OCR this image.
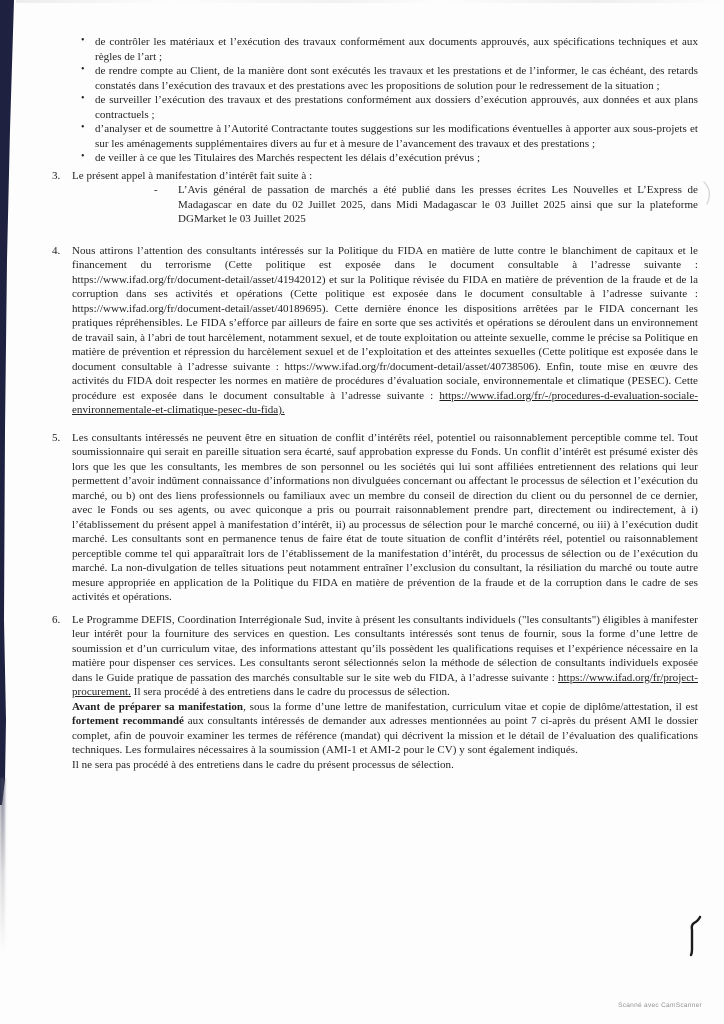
• de contrôler les matériaux et l’exécution des travaux conformément aux documents approuvés, aux spécifications techniques et aux règles de l’art ;
• de rendre compte au Client, de la manière dont sont exécutés les travaux et les prestations et de l’informer, le cas échéant, des retards constatés dans l’exécution des travaux et des prestations avec les propositions de solution pour le redressement de la situation ;
• de surveiller l’exécution des travaux et des prestations conformément aux dossiers d’exécution approuvés, aux données et aux plans contractuels ;
• d’analyser et de soumettre à l’Autorité Contractante toutes suggestions sur les modifications éventuelles à apporter aux sous-projets et sur les aménagements supplémentaires divers au fur et à mesure de l’avancement des travaux et des prestations ;
• de veiller à ce que les Titulaires des Marchés respectent les délais d’exécution prévus ;
3. Le présent appel à manifestation d’intérêt fait suite à :
- L’Avis général de passation de marchés a été publié dans les presses écrites Les Nouvelles et L’Express de Madagascar en date du 02 Juillet 2025, dans Midi Madagascar le 03 Juillet 2025 ainsi que sur la plateforme DGMarket le 03 Juillet 2025
4. Nous attirons l’attention des consultants intéressés sur la Politique du FIDA en matière de lutte contre le blanchiment de capitaux et le financement du terrorisme (Cette politique est exposée dans le document consultable à l’adresse suivante : https://www.ifad.org/fr/document-detail/asset/41942012) et sur la Politique révisée du FIDA en matière de prévention de la fraude et de la corruption dans ses activités et opérations (Cette politique est exposée dans le document consultable à l’adresse suivante : https://www.ifad.org/fr/document-detail/asset/40189695). Cette dernière énonce les dispositions arrêtées par le FIDA concernant les pratiques répréhensibles. Le FIDA s’efforce par ailleurs de faire en sorte que ses activités et opérations se déroulent dans un environnement de travail sain, à l’abri de tout harcèlement, notamment sexuel, et de toute exploitation ou atteinte sexuelle, comme le précise sa Politique en matière de prévention et répression du harcèlement sexuel et de l’exploitation et des atteintes sexuelles (Cette politique est exposée dans le document consultable à l’adresse suivante : https://www.ifad.org/fr/document-detail/asset/40738506). Enfin, toute mise en œuvre des activités du FIDA doit respecter les normes en matière de procédures d’évaluation sociale, environnementale et climatique (PESEC). Cette procédure est exposée dans le document consultable à l’adresse suivante : https://www.ifad.org/fr/-/procedures-d-evaluation-sociale-environnementale-et-climatique-pesec-du-fida).
5. Les consultants intéressés ne peuvent être en situation de conflit d’intérêts réel, potentiel ou raisonnablement perceptible comme tel. Tout soumissionnaire qui serait en pareille situation sera écarté, sauf approbation expresse du Fonds. Un conflit d’intérêt est présumé exister dès lors que les que les consultants, les membres de son personnel ou les sociétés qui lui sont affiliées entretiennent des relations qui leur permettent d’avoir indûment connaissance d’informations non divulguées concernant ou affectant le processus de sélection et l’exécution du marché, ou b) ont des liens professionnels ou familiaux avec un membre du conseil de direction du client ou du personnel de ce dernier, avec le Fonds ou ses agents, ou avec quiconque a pris ou pourrait raisonnablement prendre part, directement ou indirectement, à i) l’établissement du présent appel à manifestation d’intérêt, ii) au processus de sélection pour le marché concerné, ou iii) à l’exécution dudit marché. Les consultants sont en permanence tenus de faire état de toute situation de conflit d’intérêts réel, potentiel ou raisonnablement perceptible comme tel qui apparaîtrait lors de l’établissement de la manifestation d’intérêt, du processus de sélection ou de l’exécution du marché. La non-divulgation de telles situations peut notamment entraîner l’exclusion du consultant, la résiliation du marché ou toute autre mesure appropriée en application de la Politique du FIDA en matière de prévention de la fraude et de la corruption dans le cadre de ses activités et opérations.
6. Le Programme DEFIS, Coordination Interrégionale Sud, invite à présent les consultants individuels ("les consultants") éligibles à manifester leur intérêt pour la fourniture des services en question. Les consultants intéressés sont tenus de fournir, sous la forme d’une lettre de soumission et d’un curriculum vitae, des informations attestant qu’ils possèdent les qualifications requises et l’expérience nécessaire en la matière pour dispenser ces services. Les consultants seront sélectionnés selon la méthode de sélection de consultants individuels exposée dans le Guide pratique de passation des marchés consultable sur le site web du FIDA, à l’adresse suivante : https://www.ifad.org/fr/project-procurement. Il sera procédé à des entretiens dans le cadre du processus de sélection.
Avant de préparer sa manifestation, sous la forme d’une lettre de manifestation, curriculum vitae et copie de diplôme/attestation, il est fortement recommandé aux consultants intéressés de demander aux adresses mentionnées au point 7 ci-après du présent AMI le dossier complet, afin de pouvoir examiner les termes de référence (mandat) qui décrivent la mission et le détail de l’évaluation des qualifications techniques. Les formulaires nécessaires à la soumission (AMI-1 et AMI-2 pour le CV) y sont également indiqués.
Il ne sera pas procédé à des entretiens dans le cadre du présent processus de sélection.
Scanné avec CamScanner
